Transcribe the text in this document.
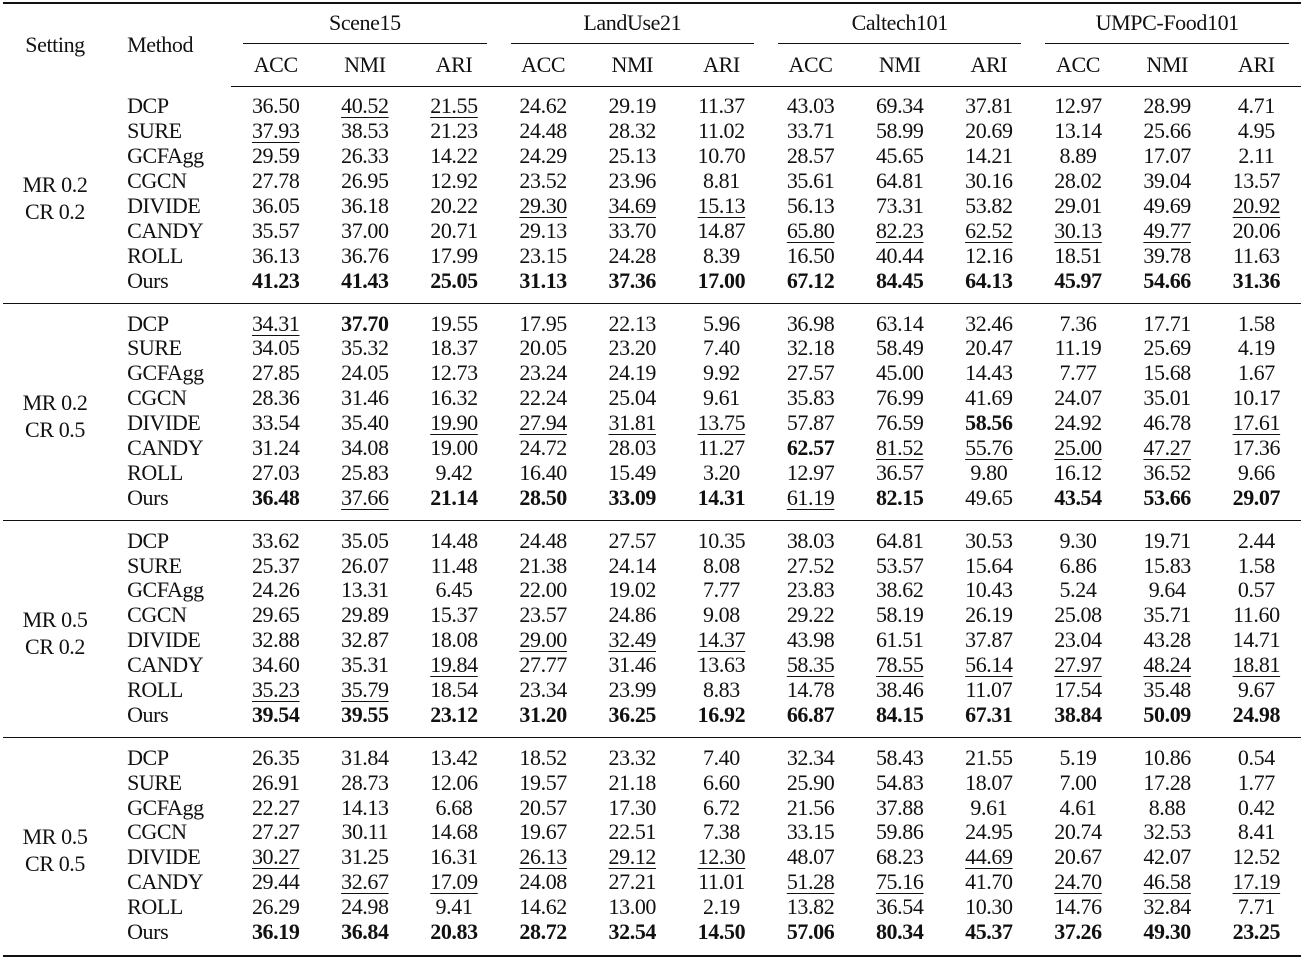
Setting	Method	Scene15			LandUse21			Caltech101			UMPC-Food101		

		ACC	NMI	ARI	ACC	NMI	ARI	ACC	NMI	ARI	ACC	NMI	ARI

MR 0.2
CR 0.2	DCP	36.50	40.52	21.55	24.62	29.19	11.37	43.03	69.34	37.81	12.97	28.99	4.71
	SURE	37.93	38.53	21.23	24.48	28.32	11.02	33.71	58.99	20.69	13.14	25.66	4.95
	GCFAgg	29.59	26.33	14.22	24.29	25.13	10.70	28.57	45.65	14.21	8.89	17.07	2.11
	CGCN	27.78	26.95	12.92	23.52	23.96	8.81	35.61	64.81	30.16	28.02	39.04	13.57
	DIVIDE	36.05	36.18	20.22	29.30	34.69	15.13	56.13	73.31	53.82	29.01	49.69	20.92
	CANDY	35.57	37.00	20.71	29.13	33.70	14.87	65.80	82.23	62.52	30.13	49.77	20.06
	ROLL	36.13	36.76	17.99	23.15	24.28	8.39	16.50	40.44	12.16	18.51	39.78	11.63
	Ours	41.23	41.43	25.05	31.13	37.36	17.00	67.12	84.45	64.13	45.97	54.66	31.36

MR 0.2
CR 0.5	DCP	34.31	37.70	19.55	17.95	22.13	5.96	36.98	63.14	32.46	7.36	17.71	1.58
	SURE	34.05	35.32	18.37	20.05	23.20	7.40	32.18	58.49	20.47	11.19	25.69	4.19
	GCFAgg	27.85	24.05	12.73	23.24	24.19	9.92	27.57	45.00	14.43	7.77	15.68	1.67
	CGCN	28.36	31.46	16.32	22.24	25.04	9.61	35.83	76.99	41.69	24.07	35.01	10.17
	DIVIDE	33.54	35.40	19.90	27.94	31.81	13.75	57.87	76.59	58.56	24.92	46.78	17.61
	CANDY	31.24	34.08	19.00	24.72	28.03	11.27	62.57	81.52	55.76	25.00	47.27	17.36
	ROLL	27.03	25.83	9.42	16.40	15.49	3.20	12.97	36.57	9.80	16.12	36.52	9.66
	Ours	36.48	37.66	21.14	28.50	33.09	14.31	61.19	82.15	49.65	43.54	53.66	29.07

MR 0.5
CR 0.2	DCP	33.62	35.05	14.48	24.48	27.57	10.35	38.03	64.81	30.53	9.30	19.71	2.44
	SURE	25.37	26.07	11.48	21.38	24.14	8.08	27.52	53.57	15.64	6.86	15.83	1.58
	GCFAgg	24.26	13.31	6.45	22.00	19.02	7.77	23.83	38.62	10.43	5.24	9.64	0.57
	CGCN	29.65	29.89	15.37	23.57	24.86	9.08	29.22	58.19	26.19	25.08	35.71	11.60
	DIVIDE	32.88	32.87	18.08	29.00	32.49	14.37	43.98	61.51	37.87	23.04	43.28	14.71
	CANDY	34.60	35.31	19.84	27.77	31.46	13.63	58.35	78.55	56.14	27.97	48.24	18.81
	ROLL	35.23	35.79	18.54	23.34	23.99	8.83	14.78	38.46	11.07	17.54	35.48	9.67
	Ours	39.54	39.55	23.12	31.20	36.25	16.92	66.87	84.15	67.31	38.84	50.09	24.98

MR 0.5
CR 0.5	DCP	26.35	31.84	13.42	18.52	23.32	7.40	32.34	58.43	21.55	5.19	10.86	0.54
	SURE	26.91	28.73	12.06	19.57	21.18	6.60	25.90	54.83	18.07	7.00	17.28	1.77
	GCFAgg	22.27	14.13	6.68	20.57	17.30	6.72	21.56	37.88	9.61	4.61	8.88	0.42
	CGCN	27.27	30.11	14.68	19.67	22.51	7.38	33.15	59.86	24.95	20.74	32.53	8.41
	DIVIDE	30.27	31.25	16.31	26.13	29.12	12.30	48.07	68.23	44.69	20.67	42.07	12.52
	CANDY	29.44	32.67	17.09	24.08	27.21	11.01	51.28	75.16	41.70	24.70	46.58	17.19
	ROLL	26.29	24.98	9.41	14.62	13.00	2.19	13.82	36.54	10.30	14.76	32.84	7.71
	Ours	36.19	36.84	20.83	28.72	32.54	14.50	57.06	80.34	45.37	37.26	49.30	23.25
